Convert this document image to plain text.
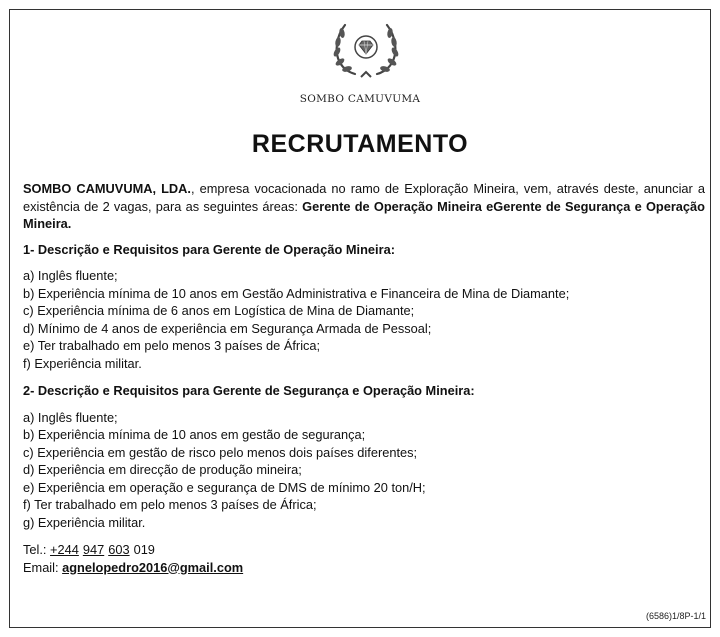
SOMBO CAMUVUMA
RECRUTAMENTO

SOMBO CAMUVUMA, LDA., empresa vocacionada no ramo de Exploração Mineira, vem, através deste, anunciar a existência de 2 vagas, para as seguintes áreas: Gerente de Operação Mineira eGerente de Segurança e Operação Mineira.

1- Descrição e Requisitos para Gerente de Operação Mineira:
a) Inglês fluente;
b) Experiência mínima de 10 anos em Gestão Administrativa e Financeira de Mina de Diamante;
c) Experiência mínima de 6 anos em Logística de Mina de Diamante;
d) Mínimo de 4 anos de experiência em Segurança Armada de Pessoal;
e) Ter trabalhado em pelo menos 3 países de África;
f) Experiência militar.
2- Descrição e Requisitos para Gerente de Segurança e Operação Mineira:
a) Inglês fluente;
b) Experiência mínima de 10 anos em gestão de segurança;
c) Experiência em gestão de risco pelo menos dois países diferentes;
d) Experiência em direcção de produção mineira;
e) Experiência em operação e segurança de DMS de mínimo 20 ton/H;
f) Ter trabalhado em pelo menos 3 países de África;
g) Experiência militar.
Tel.: +244 947 603 019
Email: agnelopedro2016@gmail.com
(6586)1/8P-1/1
